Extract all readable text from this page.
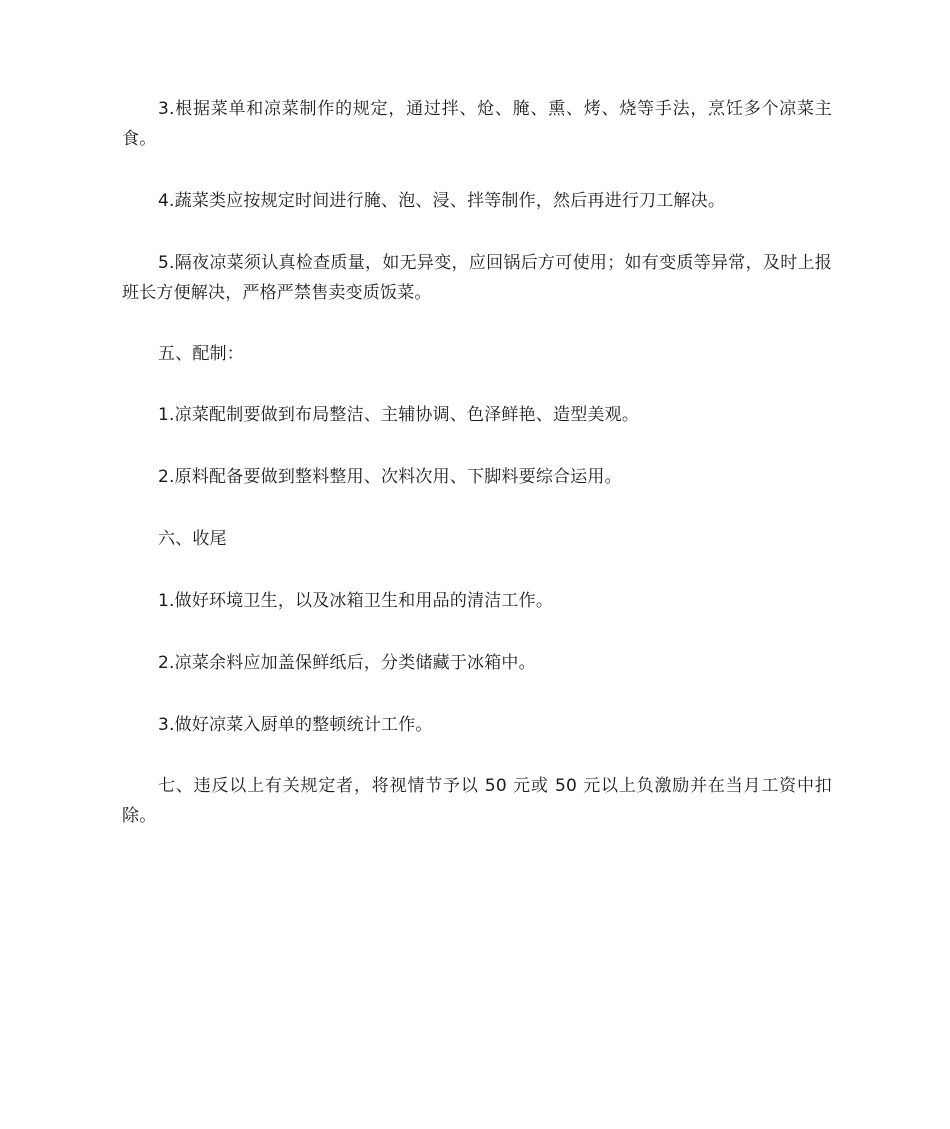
3.根据菜单和凉菜制作的规定，通过拌、炝、腌、熏、烤、烧等手法，烹饪多个凉菜主食。

4.蔬菜类应按规定时间进行腌、泡、浸、拌等制作，然后再进行刀工解决。

5.隔夜凉菜须认真检查质量，如无异变，应回锅后方可使用；如有变质等异常，及时上报班长方便解决，严格严禁售卖变质饭菜。

五、配制：

1.凉菜配制要做到布局整洁、主辅协调、色泽鲜艳、造型美观。

2.原料配备要做到整料整用、次料次用、下脚料要综合运用。

六、收尾

1.做好环境卫生，以及冰箱卫生和用品的清洁工作。

2.凉菜余料应加盖保鲜纸后，分类储藏于冰箱中。

3.做好凉菜入厨单的整顿统计工作。

七、违反以上有关规定者，将视情节予以 50 元或 50 元以上负激励并在当月工资中扣除。
